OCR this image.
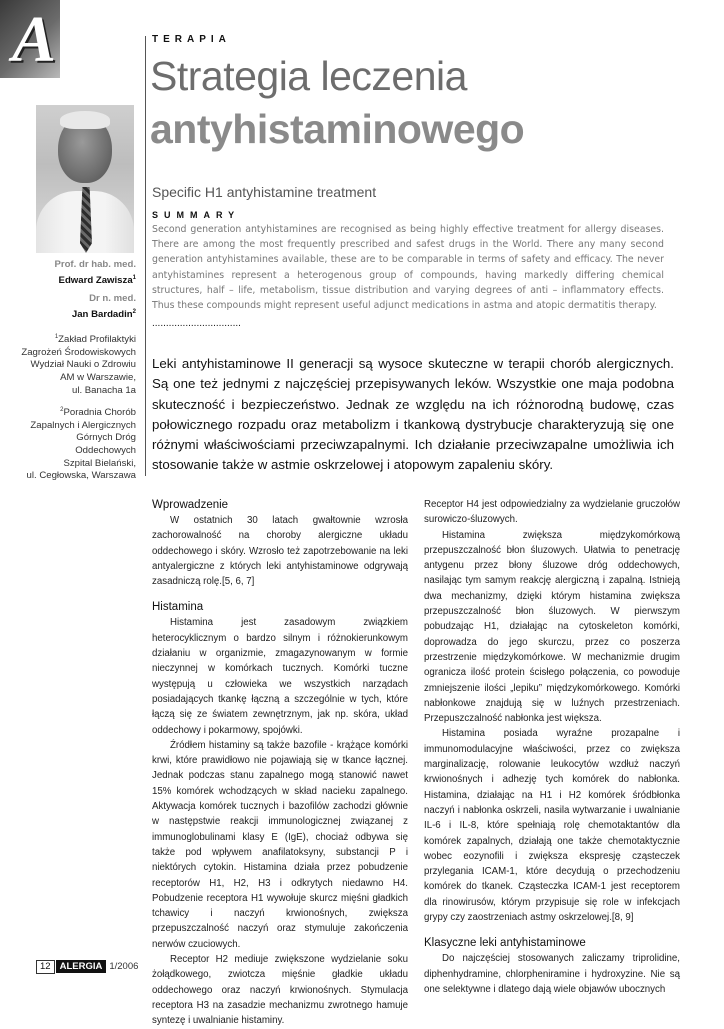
A	TERAPIA
Strategia leczenia
antyhistaminowego
Specific H1 antyhistamine treatment
SUMMARY
Second generation antyhistamines are recognised as being highly effective treatment for allergy diseases. There are among the most frequently prescribed and safest drugs in the World. There any many second generation antyhistamines available, these are to be comparable in terms of safety and efficacy. The never antyhistamines represent a heterogenous group of compounds, having markedly differing chemical structures, half – life, metabolism, tissue distribution and varying degrees of anti – inflammatory effects. Thus these compounds might represent useful adjunct medications in astma and atopic dermatitis therapy.
................................
Leki antyhistaminowe II generacji są wysoce skuteczne w terapii chorób alergicznych. Są one też jednymi z najczęściej przepisywanych leków. Wszystkie one maja podobna skuteczność i bezpieczeństwo. Jednak ze względu na ich różnorodną budowę, czas połowicznego rozpadu oraz metabolizm i tkankową dystrybucje charakteryzują się one różnymi właściwościami przeciwzapalnymi. Ich działanie przeciwzapalne umożliwia ich stosowanie także w astmie oskrzelowej i atopowym zapaleniu skóry.
Prof. dr hab. med.
Edward Zawisza$^1$
Dr n. med.
Jan Bardadin$^2$
$^1$Zakład Profilaktyki
Zagrożeń Środowiskowych
Wydział Nauki o Zdrowiu
AM w Warszawie,
ul. Banacha 1a
$^2$Poradnia Chorób
Zapalnych i Alergicznych
Górnych Dróg
Oddechowych
Szpital Bielański,
ul. Cegłowska, Warszawa
Wprowadzenie

W ostatnich 30 latach gwałtownie wzrosła zachorowalność na choroby alergiczne układu oddechowego i skóry. Wzrosło też zapotrzebowanie na leki antyalergiczne z których leki antyhistaminowe odgrywają zasadniczą rolę.[5, 6, 7]

Histamina

Histamina jest zasadowym związkiem heterocyklicznym o bardzo silnym i różnokierunkowym działaniu w organizmie, zmagazynowanym w formie nieczynnej w komórkach tucznych. Komórki tuczne występują u człowieka we wszystkich narządach posiadających tkankę łączną a szczególnie w tych, które łączą się ze światem zewnętrznym, jak np. skóra, układ oddechowy i pokarmowy, spojówki.

Źródłem histaminy są także bazofile - krążące komórki krwi, które prawidłowo nie pojawiają się w tkance łącznej. Jednak podczas stanu zapalnego mogą stanowić nawet 15% komórek wchodzących w skład nacieku zapalnego. Aktywacja komórek tucznych i bazofilów zachodzi głównie w następstwie reakcji immunologicznej związanej z immunoglobulinami klasy E (IgE), chociaż odbywa się także pod wpływem anafilatoksyny, substancji P i niektórych cytokin. Histamina działa przez pobudzenie receptorów H1, H2, H3 i odkrytych niedawno H4. Pobudzenie receptora H1 wywołuje skurcz mięśni gładkich tchawicy i naczyń krwionośnych, zwiększa przepuszczalność naczyń oraz stymuluje zakończenia nerwów czuciowych.

Receptor H2 mediuje zwiększone wydzielanie soku żołądkowego, zwiotcza mięśnie gładkie układu oddechowego oraz naczyń krwionośnych. Stymulacja receptora H3 na zasadzie mechanizmu zwrotnego hamuje syntezę i uwalnianie histaminy.

Receptor H4 jest odpowiedzialny za wydzielanie gruczołów surowiczo-śluzowych.

Histamina zwiększa międzykomórkową przepuszczalność błon śluzowych. Ułatwia to penetrację antygenu przez błony śluzowe dróg oddechowych, nasilając tym samym reakcję alergiczną i zapalną. Istnieją dwa mechanizmy, dzięki którym histamina zwiększa przepuszczalność błon śluzowych. W pierwszym pobudzając H1, działając na cytoskeleton komórki, doprowadza do jego skurczu, przez co poszerza przestrzenie międzykomórkowe. W mechanizmie drugim ogranicza ilość protein ścisłego połączenia, co powoduje zmniejszenie ilości „lepiku” międzykomórkowego. Komórki nabłonkowe znajdują się w luźnych przestrzeniach. Przepuszczalność nabłonka jest większa.

Histamina posiada wyraźne prozapalne i immunomodulacyjne właściwości, przez co zwiększa marginalizację, rolowanie leukocytów wzdłuż naczyń krwionośnych i adhezję tych komórek do nabłonka. Histamina, działając na H1 i H2 komórek śródbłonka naczyń i nabłonka oskrzeli, nasila wytwarzanie i uwalnianie IL-6 i IL-8, które spełniają rolę chemotaktantów dla komórek zapalnych, działają one także chemotaktycznie wobec eozynofili i zwiększa ekspresję cząsteczek przylegania ICAM-1, które decydują o przechodzeniu komórek do tkanek. Cząsteczka ICAM-1 jest receptorem dla rinowirusów, którym przypisuje się role w infekcjach grypy czy zaostrzeniach astmy oskrzelowej.[8, 9]

Klasyczne leki antyhistaminowe

Do najczęściej stosowanych zaliczamy triprolidine, diphenhydramine, chlorpheniramine i hydroxyzine. Nie są one selektywne i dlatego dają wiele objawów ubocznych

12 ALERGIA 1/2006
